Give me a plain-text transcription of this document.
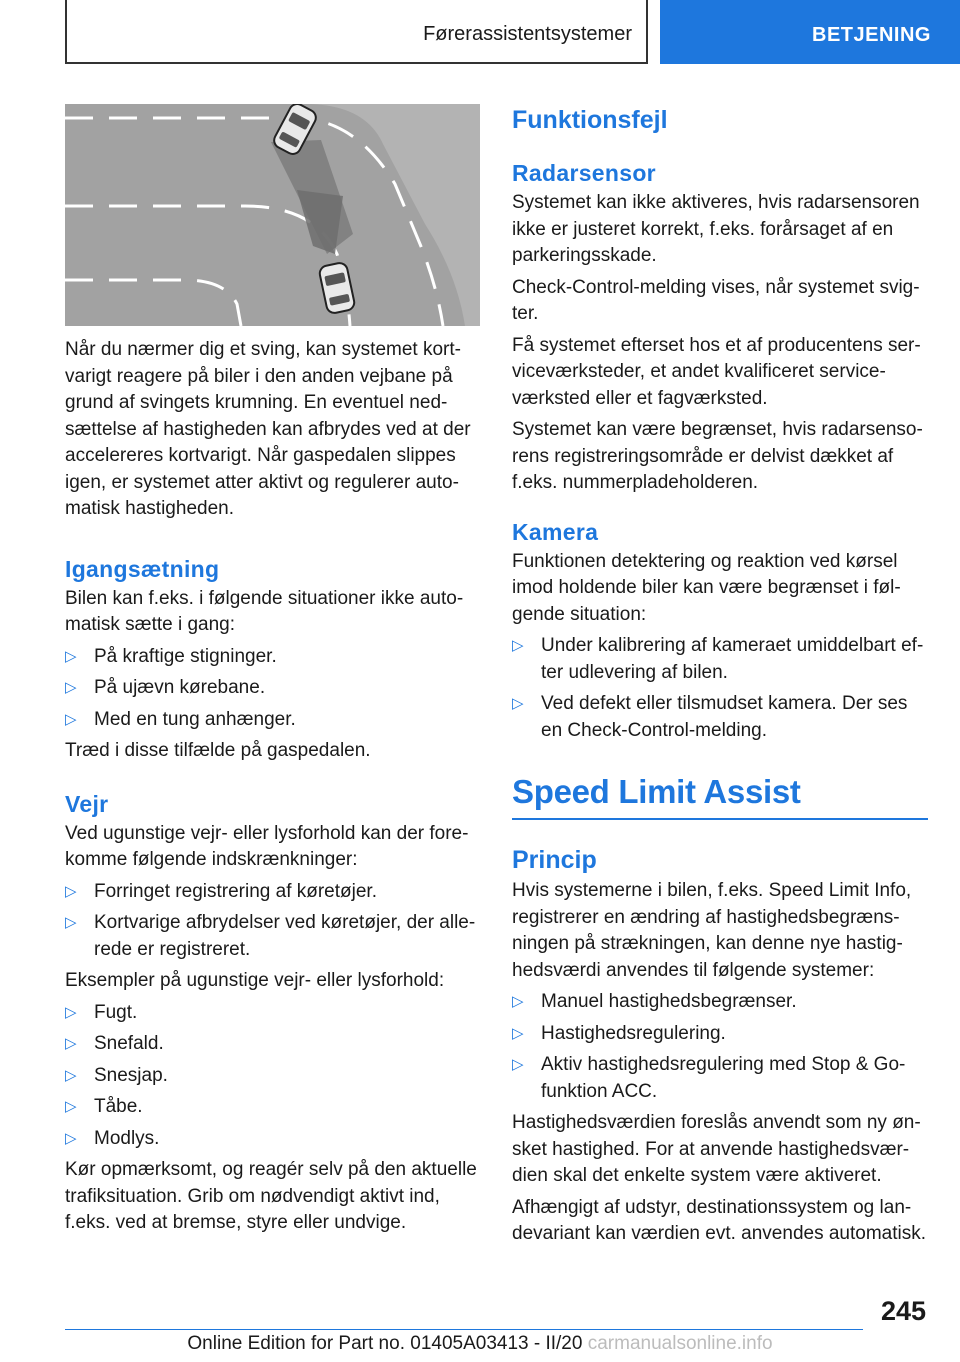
Førerassistentsystemer	BETJENING

Når du nærmer dig et sving, kan systemet kortvarigt reagere på biler i den anden vejbane på grund af svingets krumning. En eventuel nedsættelse af hastigheden kan afbrydes ved at der accelereres kortvarigt. Når gaspedalen slippes igen, er systemet atter aktivt og regulerer automatisk hastigheden.

Igangsætning

Bilen kan f.eks. i følgende situationer ikke automatisk sætte i gang:

▷ På kraftige stigninger.
▷ På ujævn kørebane.
▷ Med en tung anhænger.

Træd i disse tilfælde på gaspedalen.

Vejr

Ved ugunstige vejr- eller lysforhold kan der forekomme følgende indskrænkninger:

▷ Forringet registrering af køretøjer.
▷ Kortvarige afbrydelser ved køretøjer, der allerede er registreret.

Eksempler på ugunstige vejr- eller lysforhold:

▷ Fugt.
▷ Snefald.
▷ Snesjap.
▷ Tåbe.
▷ Modlys.

Kør opmærksomt, og reagér selv på den aktuelle trafiksituation. Grib om nødvendigt aktivt ind, f.eks. ved at bremse, styre eller undvige.

Funktionsfejl
Radarsensor

Systemet kan ikke aktiveres, hvis radarsensoren ikke er justeret korrekt, f.eks. forårsaget af en parkeringsskade.

Check-Control-melding vises, når systemet svigter.

Få systemet efterset hos et af producentens serviceværksteder, et andet kvalificeret serviceværksted eller et fagværksted.

Systemet kan være begrænset, hvis radarsensorens registreringsområde er delvist dækket af f.eks. nummerpladeholderen.

Kamera

Funktionen detektering og reaktion ved kørsel imod holdende biler kan være begrænset i følgende situation:

▷ Under kalibrering af kameraet umiddelbart efter udlevering af bilen.
▷ Ved defekt eller tilsmudset kamera. Der ses en Check-Control-melding.
Speed Limit Assist
Princip

Hvis systemerne i bilen, f.eks. Speed Limit Info, registrerer en ændring af hastighedsbegrænsningen på strækningen, kan denne nye hastighedsværdi anvendes til følgende systemer:

▷ Manuel hastighedsbegrænser.
▷ Hastighedsregulering.
▷ Aktiv hastighedsregulering med Stop & Go-funktion ACC.

Hastighedsværdien foreslås anvendt som ny ønsket hastighed. For at anvende hastighedsværdien skal det enkelte system være aktiveret.

Afhængigt af udstyr, destinationssystem og landevariant kan værdien evt. anvendes automatisk.

245
Online Edition for Part no. 01405A03413 - II/20 carmanualsonline.info
